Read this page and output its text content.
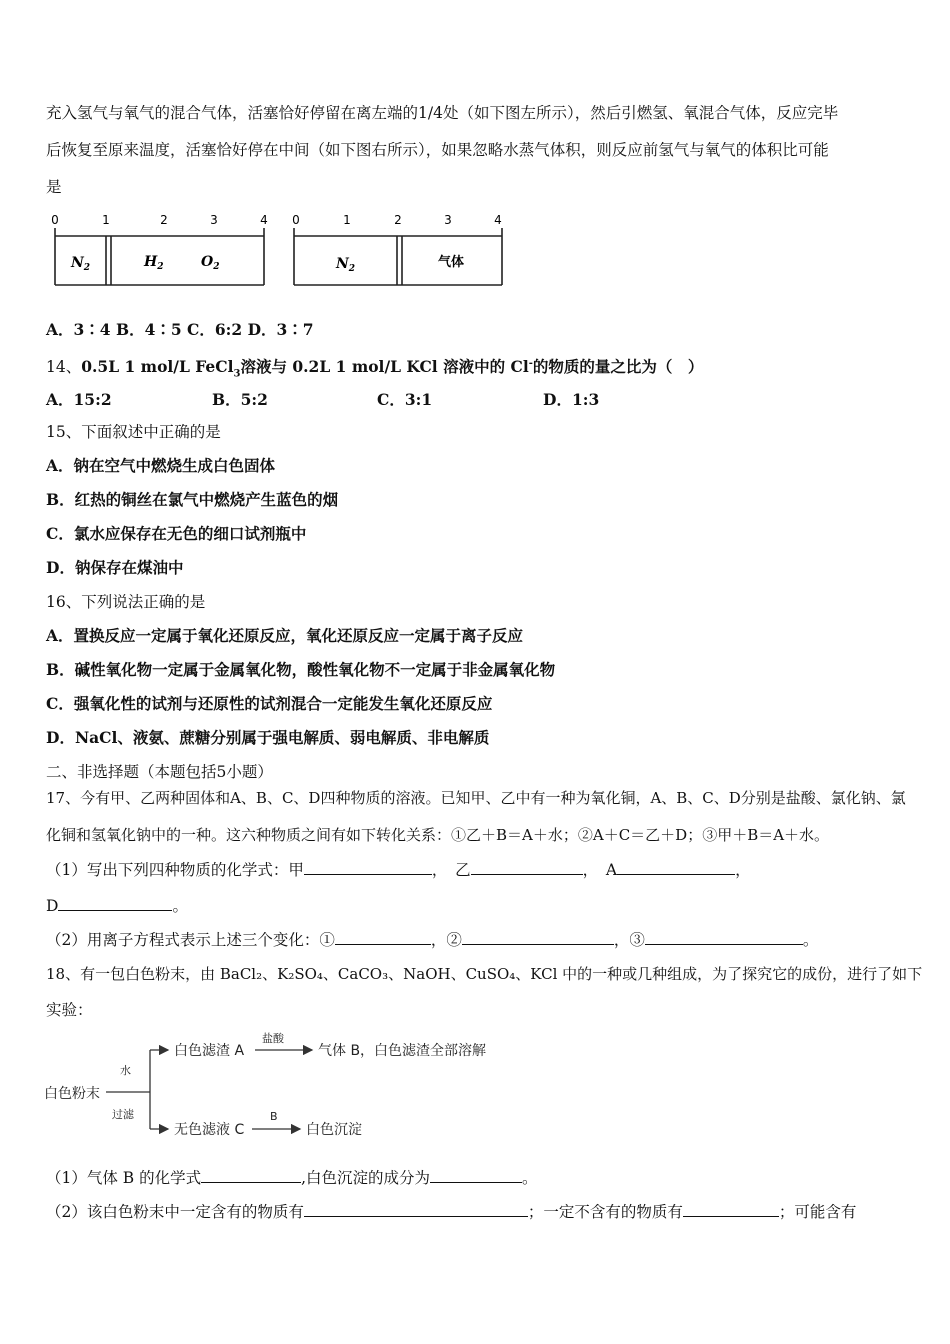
充入氢气与氧气的混合气体，活塞恰好停留在离左端的1/4处（如下图左所示），然后引燃氢、氧混合气体，反应完毕
后恢复至原来温度，活塞恰好停在中间（如下图右所示），如果忽略水蒸气体积，则反应前氢气与氧气的体积比可能
是
0	1	2	3	4 0	1	2	3	4
$N_2$	$H_2$	$O_2$	$N_2$	气体
A．3∶4 B．4∶5 C．6:2 D．3∶7
14、0.5L 1 mol/L FeCl$_3$溶液与 0.2L 1 mol/L KCl 溶液中的 Cl-的物质的量之比为（　）
A．15:2	B．5:2	C．3:1	D．1:3
15、下面叙述中正确的是
A．钠在空气中燃烧生成白色固体
B．红热的铜丝在氯气中燃烧产生蓝色的烟
C．氯水应保存在无色的细口试剂瓶中
D．钠保存在煤油中
16、下列说法正确的是
A．置换反应一定属于氧化还原反应，氧化还原反应一定属于离子反应
B．碱性氧化物一定属于金属氧化物，酸性氧化物不一定属于非金属氧化物
C．强氧化性的试剂与还原性的试剂混合一定能发生氧化还原反应
D．NaCl、液氨、蔗糖分别属于强电解质、弱电解质、非电解质
二、非选择题（本题包括5小题）
17、今有甲、乙两种固体和A、B、C、D四种物质的溶液。已知甲、乙中有一种为氧化铜，A、B、C、D分别是盐酸、氯化钠、氯
化铜和氢氧化钠中的一种。这六种物质之间有如下转化关系：①乙＋B＝A＋水；②A＋C＝乙＋D；③甲＋B＝A＋水。
（1）写出下列四种物质的化学式：甲	，　乙	，　A	，
D	。
（2）用离子方程式表示上述三个变化：①	，②	，③	。
18、有一包白色粉末，由 BaCl₂、K₂SO₄、CaCO₃、NaOH、CuSO₄、KCl 中的一种或几种组成，为了探究它的成份，进行了如下
实验：
白色粉末
水
过滤
白色滤渣 A
盐酸
气体 B，白色滤渣全部溶解
无色滤液 C
B
白色沉淀
（1）气体 B 的化学式	,白色沉淀的成分为	。
（2）该白色粉末中一定含有的物质有	；一定不含有的物质有	；可能含有
